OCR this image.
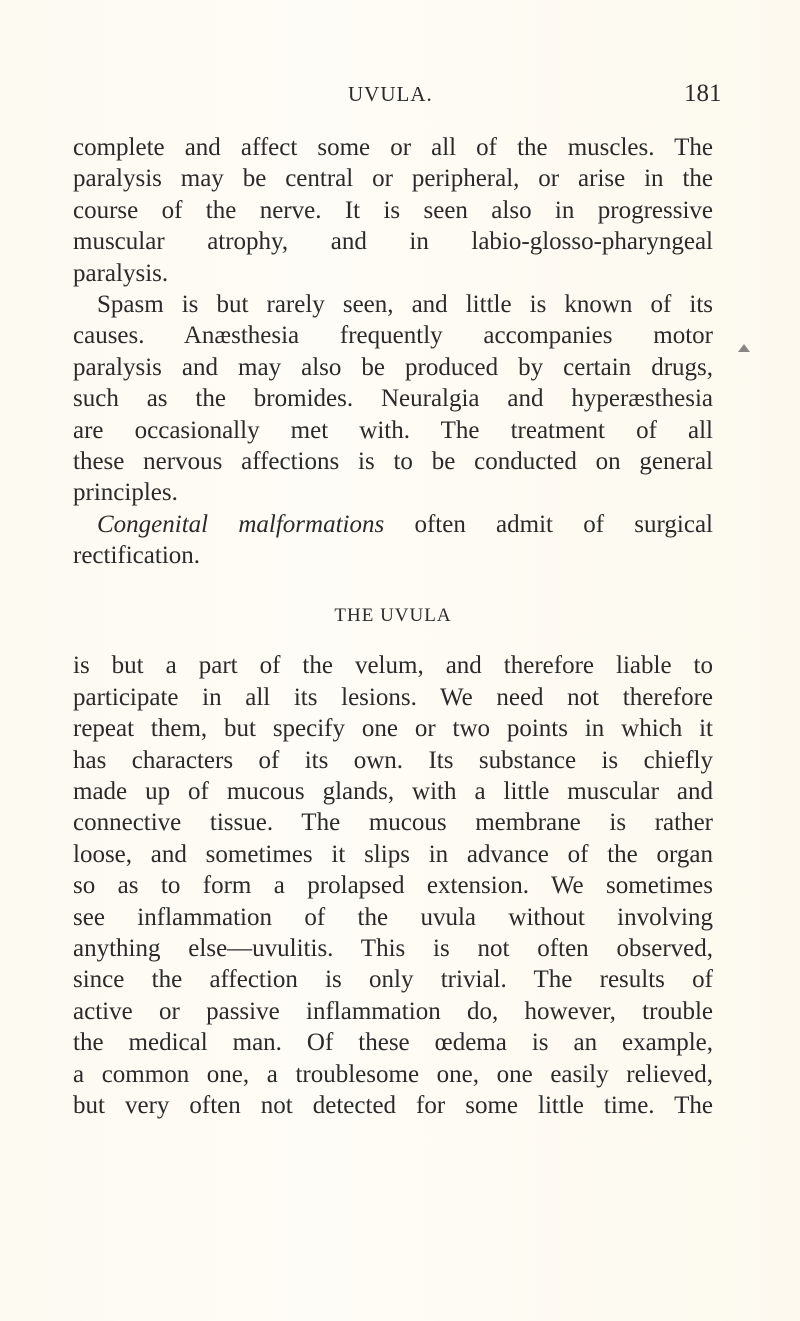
UVULA.	181
complete and affect some or all of the muscles. The
paralysis may be central or peripheral, or arise in the
course of the nerve. It is seen also in progressive
muscular atrophy, and in labio-glosso-pharyngeal
paralysis.
Spasm is but rarely seen, and little is known of its
causes. Anæsthesia frequently accompanies motor
paralysis and may also be produced by certain drugs,
such as the bromides. Neuralgia and hyperæsthesia
are occasionally met with. The treatment of all
these nervous affections is to be conducted on general
principles.
Congenital malformations often admit of surgical
rectification.
THE UVULA
is but a part of the velum, and therefore liable to
participate in all its lesions. We need not therefore
repeat them, but specify one or two points in which it
has characters of its own. Its substance is chiefly
made up of mucous glands, with a little muscular and
connective tissue. The mucous membrane is rather
loose, and sometimes it slips in advance of the organ
so as to form a prolapsed extension. We sometimes
see inflammation of the uvula without involving
anything else—uvulitis. This is not often observed,
since the affection is only trivial. The results of
active or passive inflammation do, however, trouble
the medical man. Of these œdema is an example,
a common one, a troublesome one, one easily relieved,
but very often not detected for some little time. The
